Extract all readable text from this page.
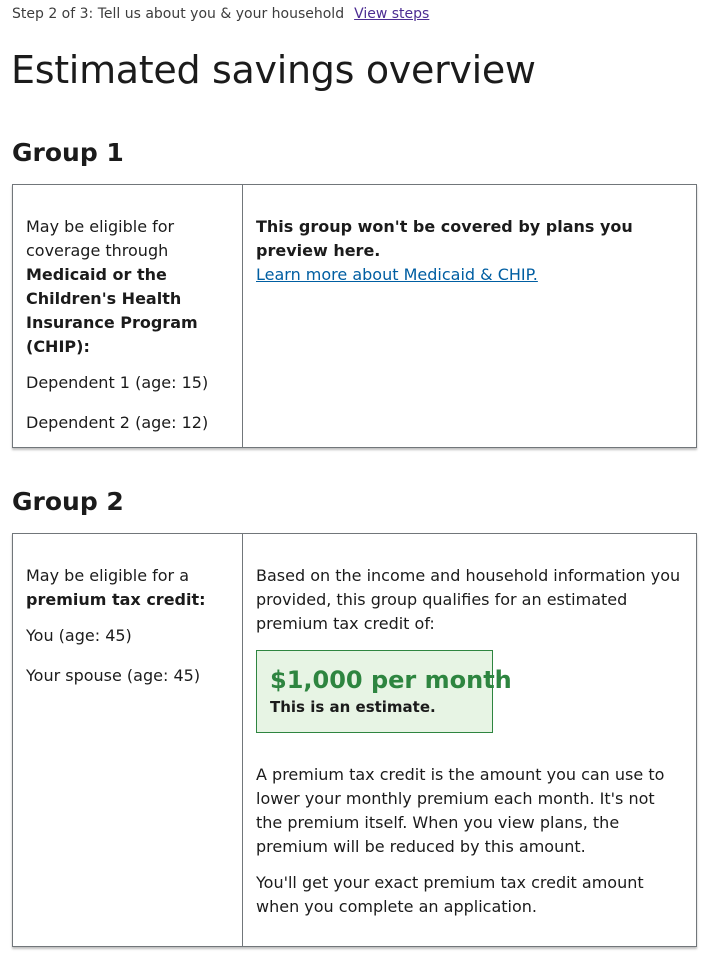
Step 2 of 3: Tell us about you & your household View steps
Estimated savings overview
Group 1

May be eligible for coverage through Medicaid or the Children's Health Insurance Program (CHIP):

Dependent 1 (age: 15)

Dependent 2 (age: 12)

This group won't be covered by plans you preview here.

Learn more about Medicaid & CHIP.

Group 2

May be eligible for a premium tax credit:

You (age: 45)

Your spouse (age: 45)

Based on the income and household information you provided, this group qualifies for an estimated premium tax credit of:

$1,000 per month
This is an estimate.

A premium tax credit is the amount you can use to lower your monthly premium each month. It's not the premium itself. When you view plans, the premium will be reduced by this amount.

You'll get your exact premium tax credit amount when you complete an application.
